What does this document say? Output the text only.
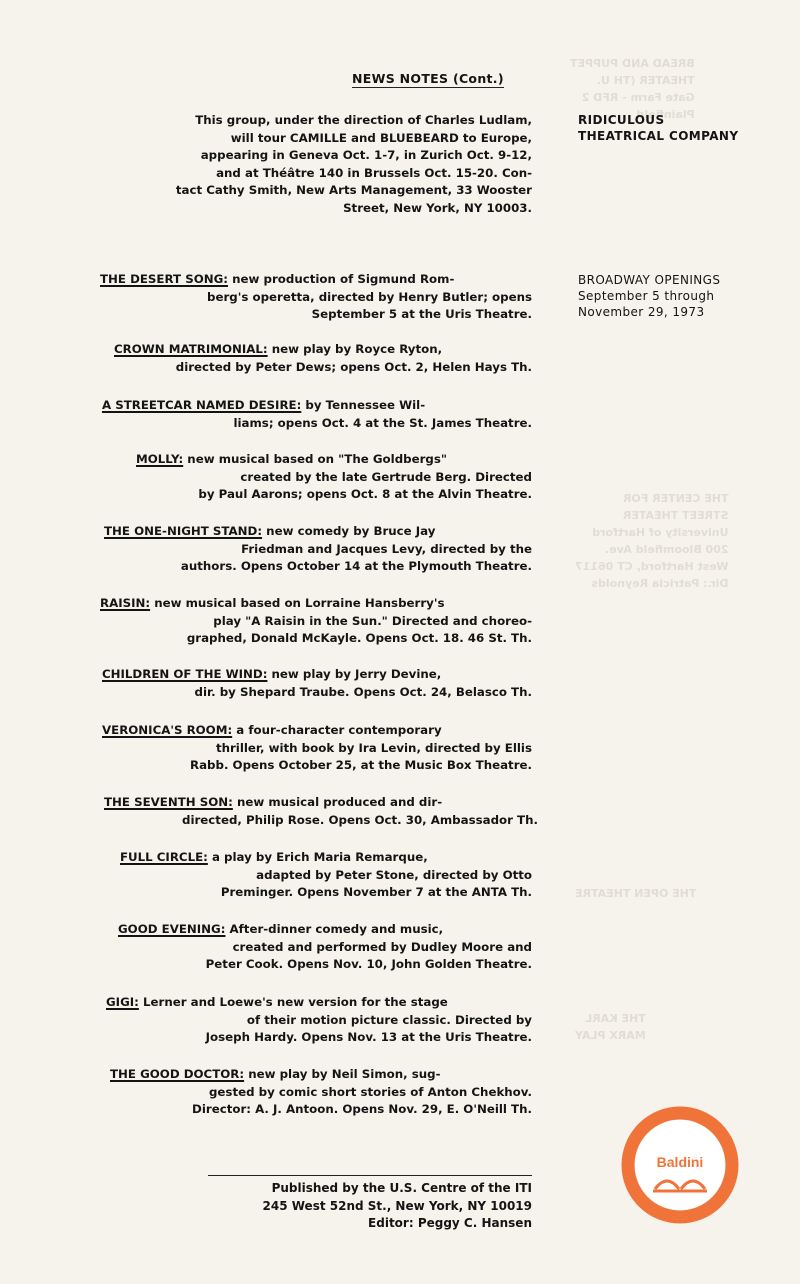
BREAD AND PUPPET
THEATER (TH U.
Gate Farm - RFD 2
Plainfield
THE CENTER FOR
STREET THEATER
University of Hartford
200 Bloomfield Ave.
West Hartford, CT 06117
Dir.: Patricia Reynolds
THE OPEN THEATRE
THE KARL
MARX PLAY
NEWS NOTES (Cont.)

This group, under the direction of Charles Ludlam,

will tour CAMILLE and BLUEBEARD to Europe,

appearing in Geneva Oct. 1-7, in Zurich Oct. 9-12,

and at Théâtre 140 in Brussels Oct. 15-20. Con-

tact Cathy Smith, New Arts Management, 33 Wooster

Street, New York, NY 10003.

RIDICULOUS
THEATRICAL COMPANY
BROADWAY OPENINGS
September 5 through
November 29, 1973

THE DESERT SONG: new production of Sigmund Rom-

berg's operetta, directed by Henry Butler; opens

September 5 at the Uris Theatre.

CROWN MATRIMONIAL: new play by Royce Ryton,

directed by Peter Dews; opens Oct. 2, Helen Hays Th.

A STREETCAR NAMED DESIRE: by Tennessee Wil-

liams; opens Oct. 4 at the St. James Theatre.

MOLLY: new musical based on "The Goldbergs"

created by the late Gertrude Berg. Directed

by Paul Aarons; opens Oct. 8 at the Alvin Theatre.

THE ONE-NIGHT STAND: new comedy by Bruce Jay

Friedman and Jacques Levy, directed by the

authors. Opens October 14 at the Plymouth Theatre.

RAISIN: new musical based on Lorraine Hansberry's

play "A Raisin in the Sun." Directed and choreo-

graphed, Donald McKayle. Opens Oct. 18. 46 St. Th.

CHILDREN OF THE WIND: new play by Jerry Devine,

dir. by Shepard Traube. Opens Oct. 24, Belasco Th.

VERONICA'S ROOM: a four-character contemporary

thriller, with book by Ira Levin, directed by Ellis

Rabb. Opens October 25, at the Music Box Theatre.

THE SEVENTH SON: new musical produced and dir-

directed, Philip Rose. Opens Oct. 30, Ambassador Th.

FULL CIRCLE: a play by Erich Maria Remarque,

adapted by Peter Stone, directed by Otto

Preminger. Opens November 7 at the ANTA Th.

GOOD EVENING: After-dinner comedy and music,

created and performed by Dudley Moore and

Peter Cook. Opens Nov. 10, John Golden Theatre.

GIGI: Lerner and Loewe's new version for the stage

of their motion picture classic. Directed by

Joseph Hardy. Opens Nov. 13 at the Uris Theatre.

THE GOOD DOCTOR: new play by Neil Simon, sug-

gested by comic short stories of Anton Chekhov.

Director: A. J. Antoon. Opens Nov. 29, E. O'Neill Th.

Published by the U.S. Centre of the ITI
245 West 52nd St., New York, NY 10019
Editor: Peggy C. Hansen
Baldini
